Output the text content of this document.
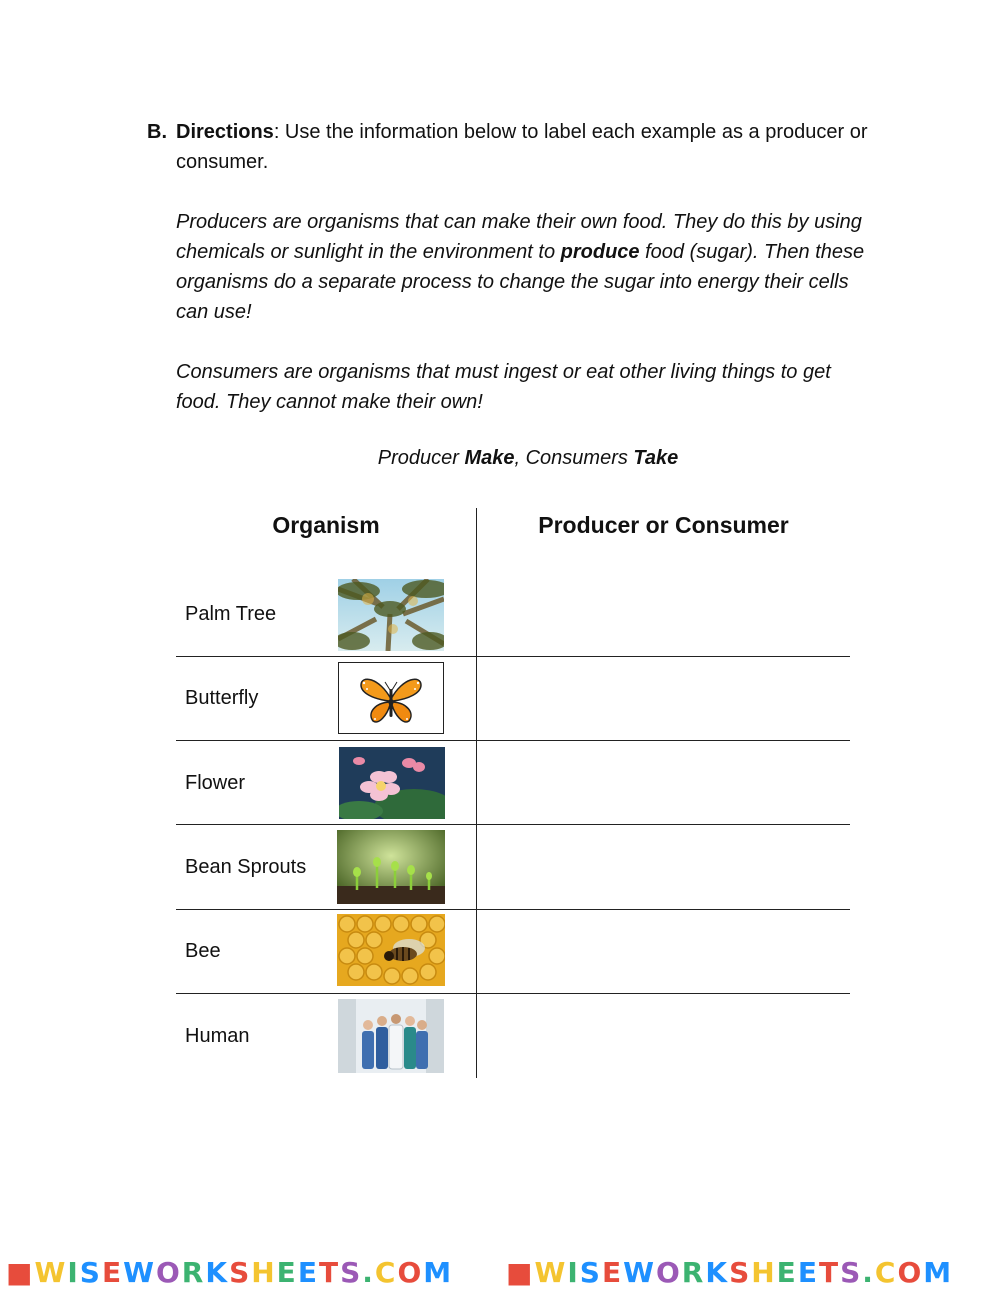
B. Directions: Use the information below to label each example as a producer or consumer.
Producers are organisms that can make their own food. They do this by using chemicals or sunlight in the environment to produce food (sugar). Then these organisms do a separate process to change the sugar into energy their cells can use!
Consumers are organisms that must ingest or eat other living things to get food. They cannot make their own!
Producer Make, Consumers Take
Organism	Producer or Consumer
Palm Tree
Butterfly
Flower
Bean Sprouts
Bee
Human
■WISEWORKSHEETS.COM ■WISEWORKSHEETS.COM
